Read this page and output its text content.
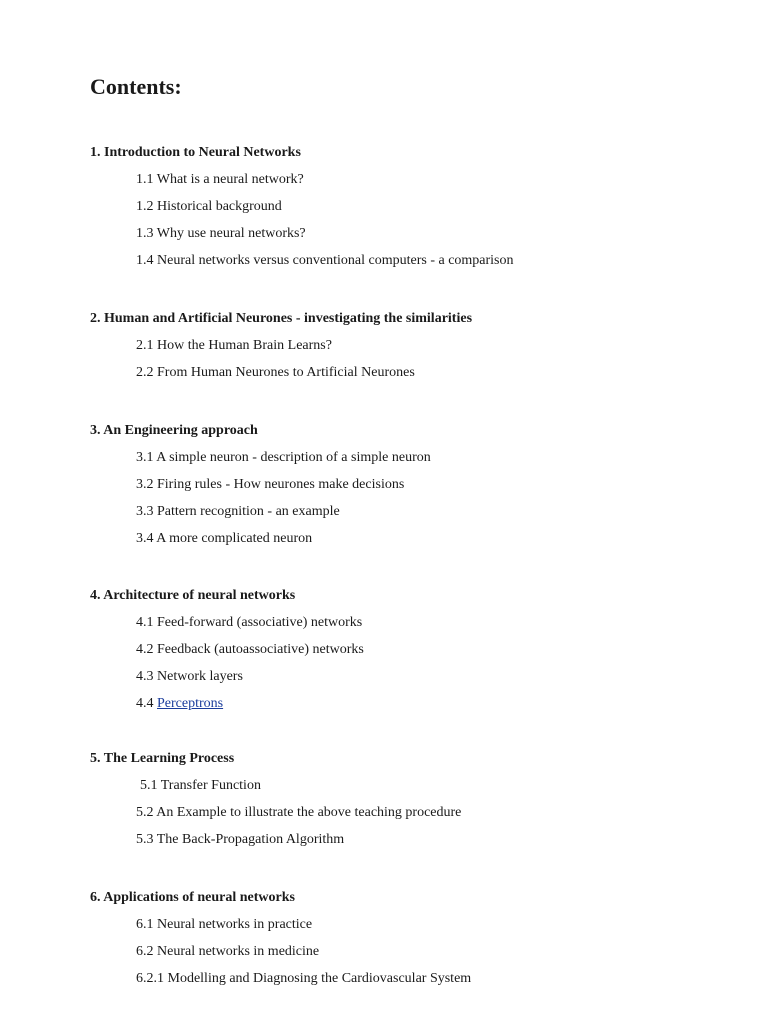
Contents:

1. Introduction to Neural Networks

1.1 What is a neural network?

1.2 Historical background

1.3 Why use neural networks?

1.4 Neural networks versus conventional computers - a comparison

2. Human and Artificial Neurones - investigating the similarities

2.1 How the Human Brain Learns?

2.2 From Human Neurones to Artificial Neurones

3. An Engineering approach

3.1 A simple neuron - description of a simple neuron

3.2 Firing rules - How neurones make decisions

3.3 Pattern recognition - an example

3.4 A more complicated neuron

4. Architecture of neural networks

4.1 Feed-forward (associative) networks

4.2 Feedback (autoassociative) networks

4.3 Network layers

4.4 Perceptrons

5. The Learning Process

5.1 Transfer Function

5.2 An Example to illustrate the above teaching procedure

5.3 The Back-Propagation Algorithm

6. Applications of neural networks

6.1 Neural networks in practice

6.2 Neural networks in medicine

6.2.1 Modelling and Diagnosing the Cardiovascular System
